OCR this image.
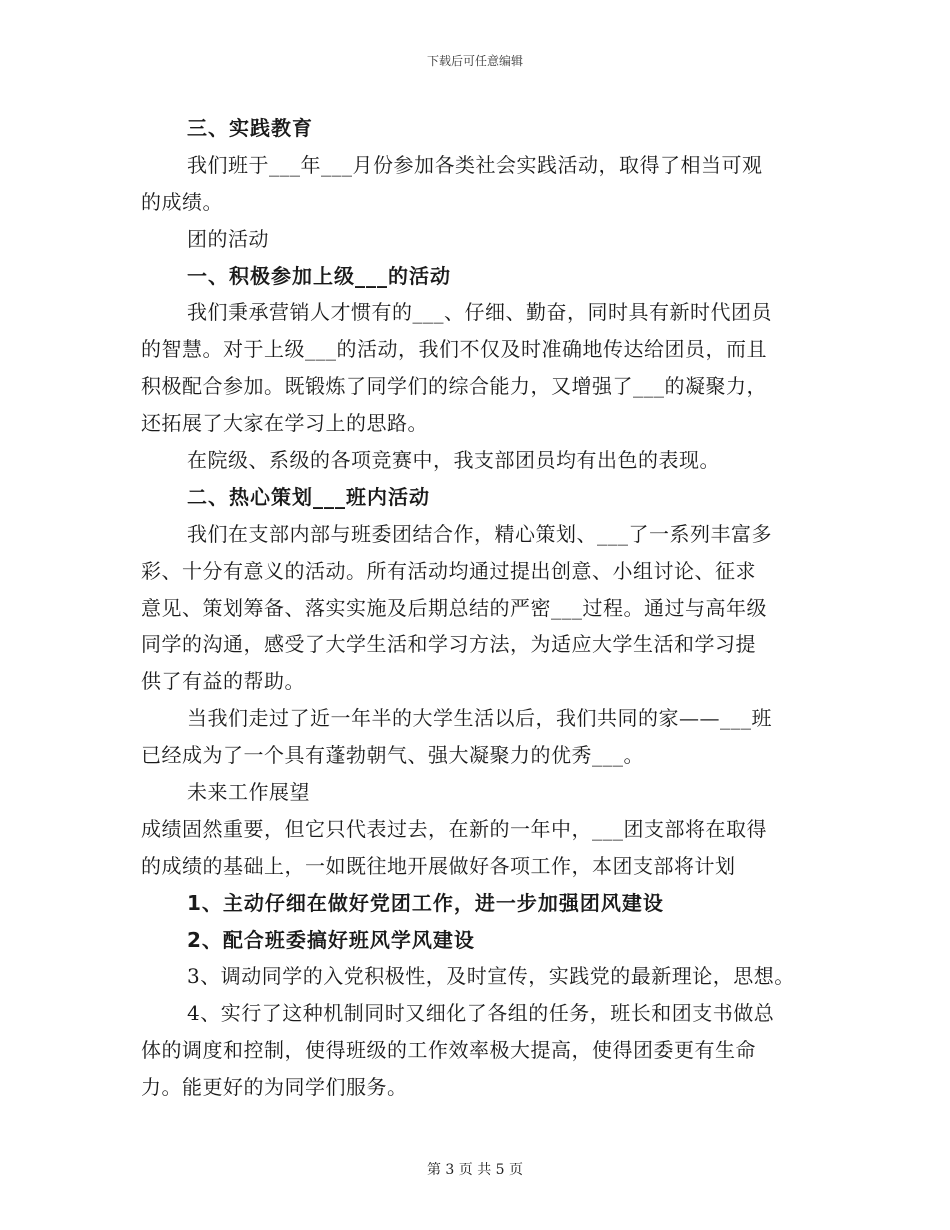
下载后可任意编辑
三、实践教育
我们班于___年___月份参加各类社会实践活动，取得了相当可观
的成绩。
团的活动
一、积极参加上级___的活动
我们秉承营销人才惯有的___、仔细、勤奋，同时具有新时代团员
的智慧。对于上级___的活动，我们不仅及时准确地传达给团员，而且
积极配合参加。既锻炼了同学们的综合能力，又增强了___的凝聚力，
还拓展了大家在学习上的思路。
在院级、系级的各项竞赛中，我支部团员均有出色的表现。
二、热心策划___班内活动
我们在支部内部与班委团结合作，精心策划、___了一系列丰富多
彩、十分有意义的活动。所有活动均通过提出创意、小组讨论、征求
意见、策划筹备、落实实施及后期总结的严密___过程。通过与高年级
同学的沟通，感受了大学生活和学习方法，为适应大学生活和学习提
供了有益的帮助。
当我们走过了近一年半的大学生活以后，我们共同的家——___班
已经成为了一个具有蓬勃朝气、强大凝聚力的优秀___。
未来工作展望
成绩固然重要，但它只代表过去，在新的一年中，___团支部将在取得
的成绩的基础上，一如既往地开展做好各项工作，本团支部将计划
1、主动仔细在做好党团工作，进一步加强团风建设
2、配合班委搞好班风学风建设
3、调动同学的入党积极性，及时宣传，实践党的最新理论，思想。
4、实行了这种机制同时又细化了各组的任务，班长和团支书做总
体的调度和控制，使得班级的工作效率极大提高，使得团委更有生命
力。能更好的为同学们服务。
第 3 页 共 5 页
